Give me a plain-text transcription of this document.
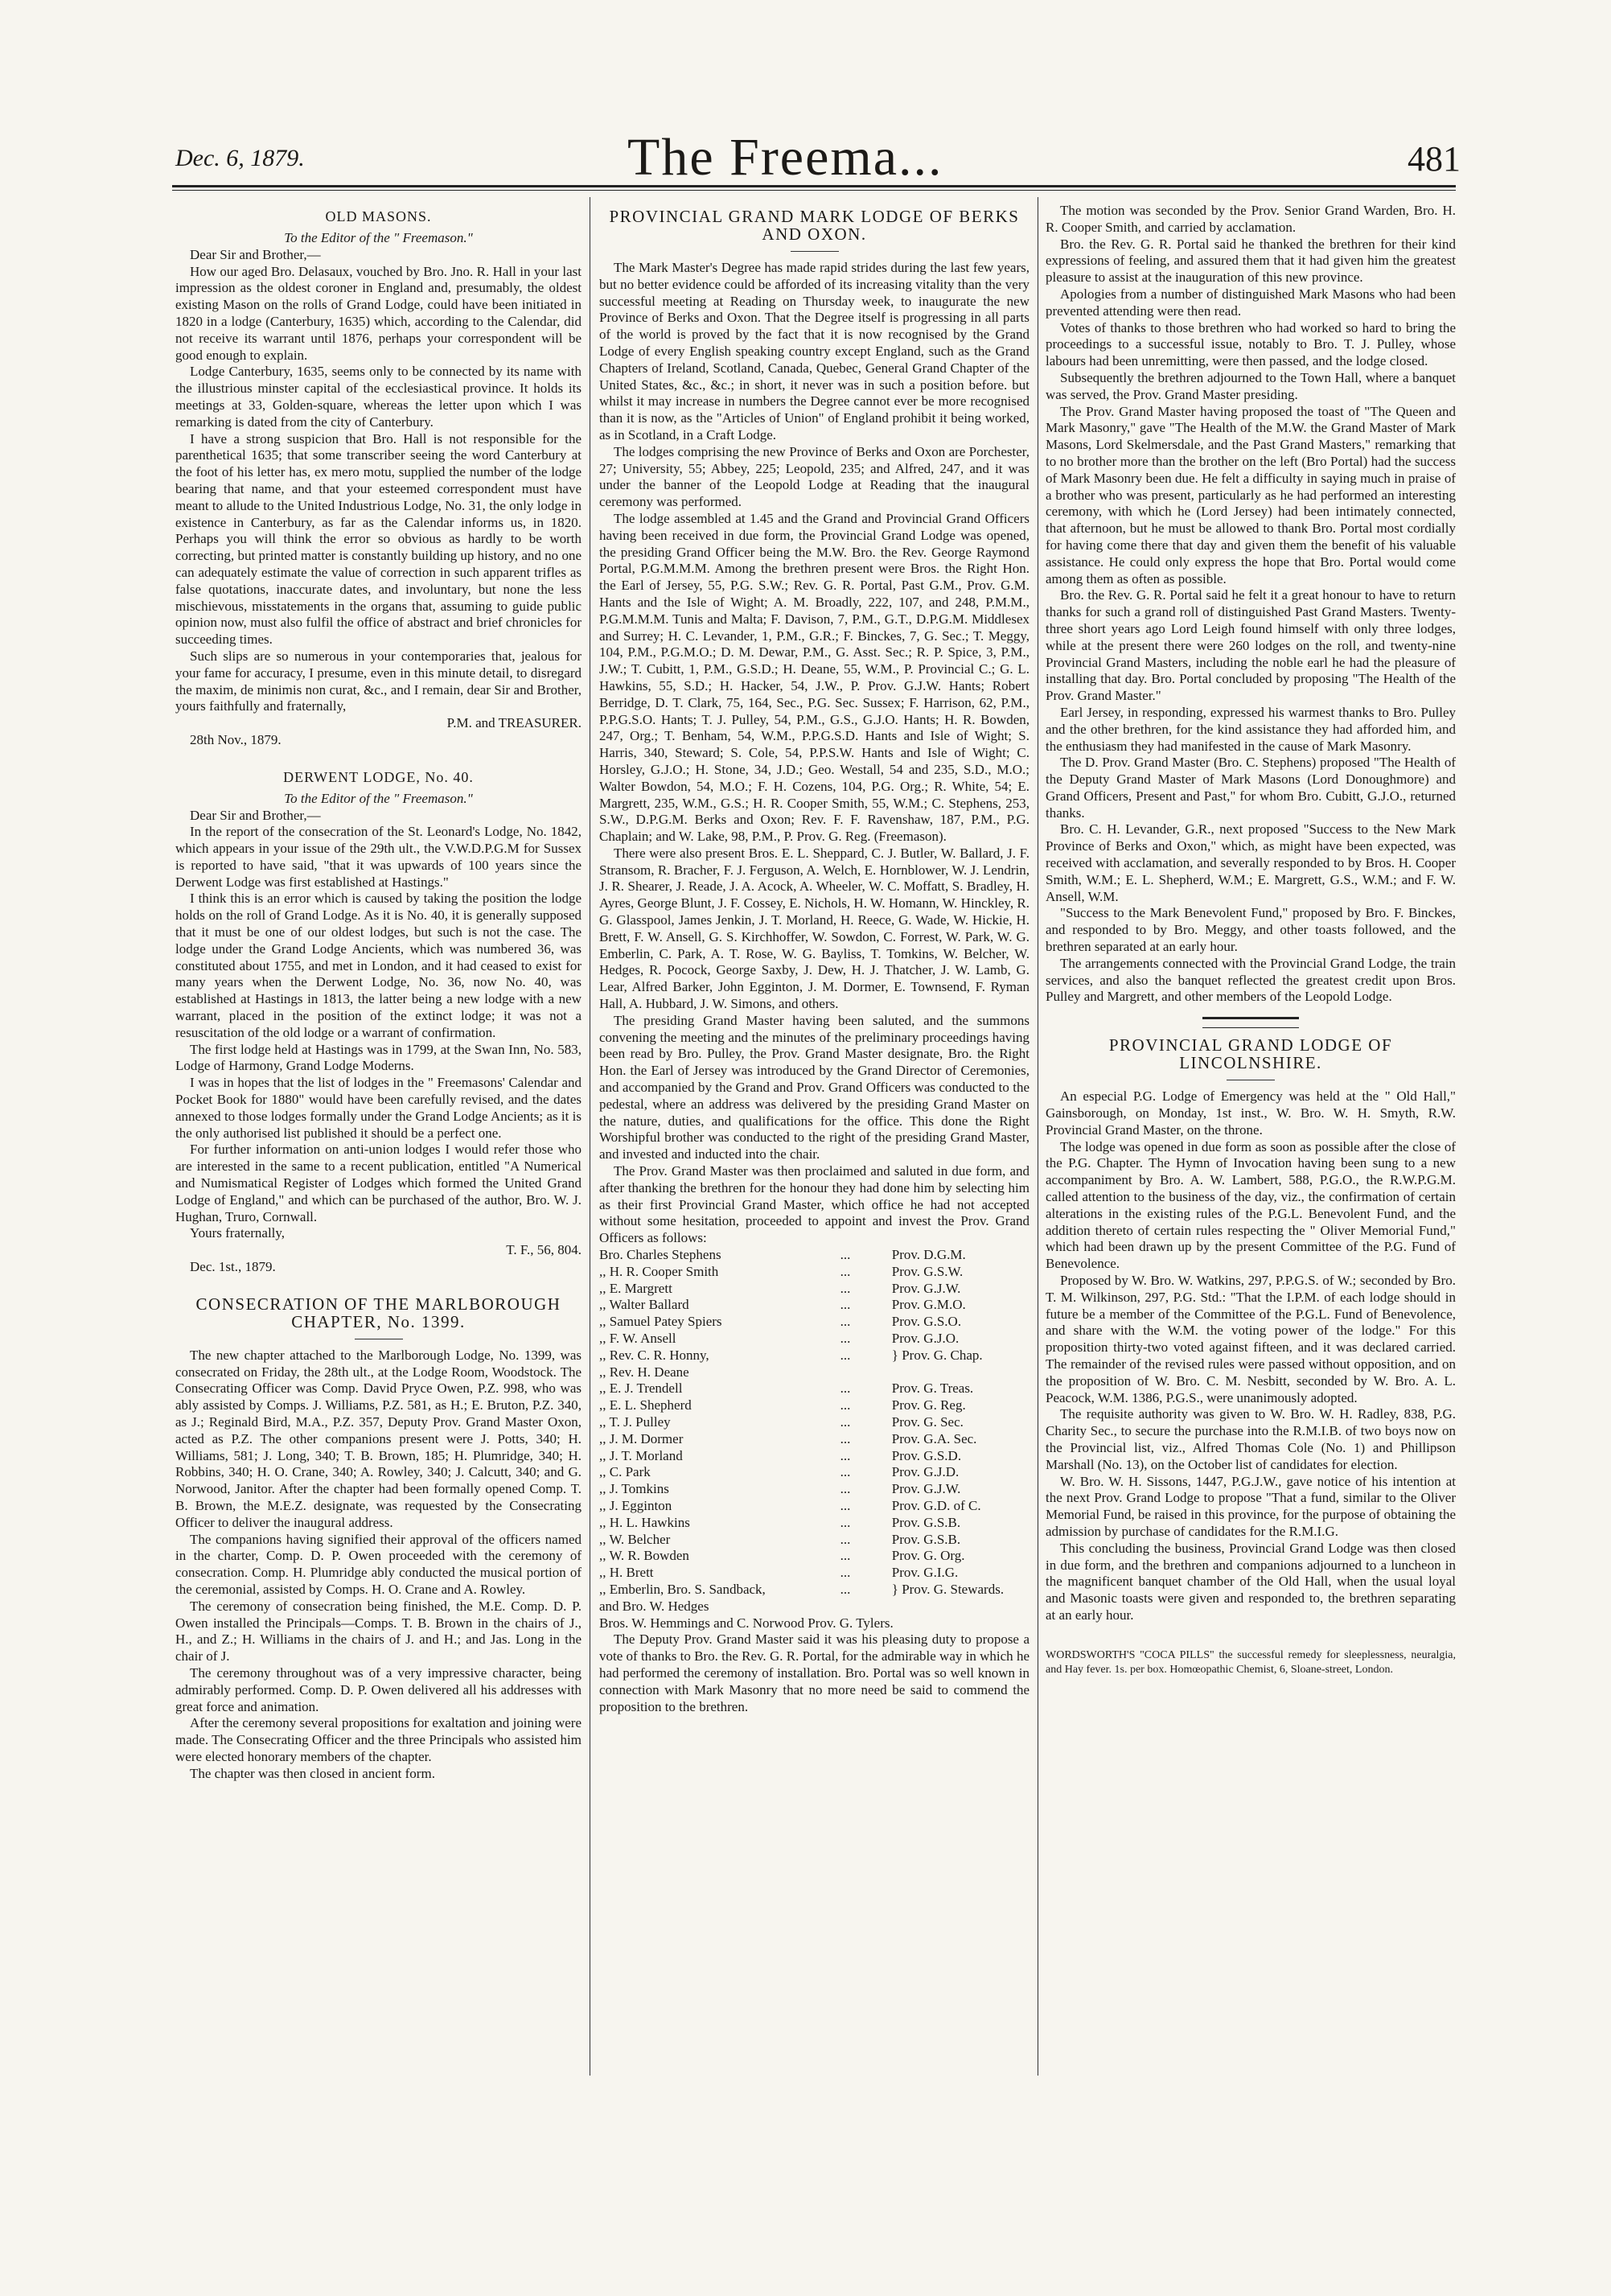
Dec. 6, 1879.	The Freema...	481
OLD MASONS.

To the Editor of the " Freemason."

Dear Sir and Brother,—

How our aged Bro. Delasaux, vouched by Bro. Jno. R. Hall in your last impression as the oldest coroner in England and, presumably, the oldest existing Mason on the rolls of Grand Lodge, could have been initiated in 1820 in a lodge (Canterbury, 1635) which, according to the Calendar, did not receive its warrant until 1876, perhaps your correspondent will be good enough to explain.

Lodge Canterbury, 1635, seems only to be connected by its name with the illustrious minster capital of the ecclesiastical province. It holds its meetings at 33, Golden-square, whereas the letter upon which I was remarking is dated from the city of Canterbury.

I have a strong suspicion that Bro. Hall is not responsible for the parenthetical 1635; that some transcriber seeing the word Canterbury at the foot of his letter has, ex mero motu, supplied the number of the lodge bearing that name, and that your esteemed correspondent must have meant to allude to the United Industrious Lodge, No. 31, the only lodge in existence in Canterbury, as far as the Calendar informs us, in 1820. Perhaps you will think the error so obvious as hardly to be worth correcting, but printed matter is constantly building up history, and no one can adequately estimate the value of correction in such apparent trifles as false quotations, inaccurate dates, and involuntary, but none the less mischievous, misstatements in the organs that, assuming to guide public opinion now, must also fulfil the office of abstract and brief chronicles for succeeding times.

Such slips are so numerous in your contemporaries that, jealous for your fame for accuracy, I presume, even in this minute detail, to disregard the maxim, de minimis non curat, &c., and I remain, dear Sir and Brother, yours faithfully and fraternally,

P.M. and TREASURER.

28th Nov., 1879.

DERWENT LODGE, No. 40.

To the Editor of the " Freemason."

Dear Sir and Brother,—

In the report of the consecration of the St. Leonard's Lodge, No. 1842, which appears in your issue of the 29th ult., the V.W.D.P.G.M for Sussex is reported to have said, "that it was upwards of 100 years since the Derwent Lodge was first established at Hastings."

I think this is an error which is caused by taking the position the lodge holds on the roll of Grand Lodge. As it is No. 40, it is generally supposed that it must be one of our oldest lodges, but such is not the case. The lodge under the Grand Lodge Ancients, which was numbered 36, was constituted about 1755, and met in London, and it had ceased to exist for many years when the Derwent Lodge, No. 36, now No. 40, was established at Hastings in 1813, the latter being a new lodge with a new warrant, placed in the position of the extinct lodge; it was not a resuscitation of the old lodge or a warrant of confirmation.

The first lodge held at Hastings was in 1799, at the Swan Inn, No. 583, Lodge of Harmony, Grand Lodge Moderns.

I was in hopes that the list of lodges in the " Freemasons' Calendar and Pocket Book for 1880" would have been carefully revised, and the dates annexed to those lodges formally under the Grand Lodge Ancients; as it is the only authorised list published it should be a perfect one.

For further information on anti-union lodges I would refer those who are interested in the same to a recent publication, entitled "A Numerical and Numismatical Register of Lodges which formed the United Grand Lodge of England," and which can be purchased of the author, Bro. W. J. Hughan, Truro, Cornwall.

Yours fraternally,

T. F., 56, 804.

Dec. 1st., 1879.

CONSECRATION OF THE MARLBOROUGH CHAPTER, No. 1399.

The new chapter attached to the Marlborough Lodge, No. 1399, was consecrated on Friday, the 28th ult., at the Lodge Room, Woodstock. The Consecrating Officer was Comp. David Pryce Owen, P.Z. 998, who was ably assisted by Comps. J. Williams, P.Z. 581, as H.; E. Bruton, P.Z. 340, as J.; Reginald Bird, M.A., P.Z. 357, Deputy Prov. Grand Master Oxon, acted as P.Z. The other companions present were J. Potts, 340; H. Williams, 581; J. Long, 340; T. B. Brown, 185; H. Plumridge, 340; H. Robbins, 340; H. O. Crane, 340; A. Rowley, 340; J. Calcutt, 340; and G. Norwood, Janitor. After the chapter had been formally opened Comp. T. B. Brown, the M.E.Z. designate, was requested by the Consecrating Officer to deliver the inaugural address.

The companions having signified their approval of the officers named in the charter, Comp. D. P. Owen proceeded with the ceremony of consecration. Comp. H. Plumridge ably conducted the musical portion of the ceremonial, assisted by Comps. H. O. Crane and A. Rowley.

The ceremony of consecration being finished, the M.E. Comp. D. P. Owen installed the Principals—Comps. T. B. Brown in the chairs of J., H., and Z.; H. Williams in the chairs of J. and H.; and Jas. Long in the chair of J.

The ceremony throughout was of a very impressive character, being admirably performed. Comp. D. P. Owen delivered all his addresses with great force and animation.

After the ceremony several propositions for exaltation and joining were made. The Consecrating Officer and the three Principals who assisted him were elected honorary members of the chapter.

The chapter was then closed in ancient form.

PROVINCIAL GRAND MARK LODGE OF BERKS AND OXON.

The Mark Master's Degree has made rapid strides during the last few years, but no better evidence could be afforded of its increasing vitality than the very successful meeting at Reading on Thursday week, to inaugurate the new Province of Berks and Oxon. That the Degree itself is progressing in all parts of the world is proved by the fact that it is now recognised by the Grand Lodge of every English speaking country except England, such as the Grand Chapters of Ireland, Scotland, Canada, Quebec, General Grand Chapter of the United States, &c., &c.; in short, it never was in such a position before. but whilst it may increase in numbers the Degree cannot ever be more recognised than it is now, as the "Articles of Union" of England prohibit it being worked, as in Scotland, in a Craft Lodge.

The lodges comprising the new Province of Berks and Oxon are Porchester, 27; University, 55; Abbey, 225; Leopold, 235; and Alfred, 247, and it was under the banner of the Leopold Lodge at Reading that the inaugural ceremony was performed.

The lodge assembled at 1.45 and the Grand and Provincial Grand Officers having been received in due form, the Provincial Grand Lodge was opened, the presiding Grand Officer being the M.W. Bro. the Rev. George Raymond Portal, P.G.M.M.M. Among the brethren present were Bros. the Right Hon. the Earl of Jersey, 55, P.G. S.W.; Rev. G. R. Portal, Past G.M., Prov. G.M. Hants and the Isle of Wight; A. M. Broadly, 222, 107, and 248, P.M.M., P.G.M.M.M. Tunis and Malta; F. Davison, 7, P.M., G.T., D.P.G.M. Middlesex and Surrey; H. C. Levander, 1, P.M., G.R.; F. Binckes, 7, G. Sec.; T. Meggy, 104, P.M., P.G.M.O.; D. M. Dewar, P.M., G. Asst. Sec.; R. P. Spice, 3, P.M., J.W.; T. Cubitt, 1, P.M., G.S.D.; H. Deane, 55, W.M., P. Provincial C.; G. L. Hawkins, 55, S.D.; H. Hacker, 54, J.W., P. Prov. G.J.W. Hants; Robert Berridge, D. T. Clark, 75, 164, Sec., P.G. Sec. Sussex; F. Harrison, 62, P.M., P.P.G.S.O. Hants; T. J. Pulley, 54, P.M., G.S., G.J.O. Hants; H. R. Bowden, 247, Org.; T. Benham, 54, W.M., P.P.G.S.D. Hants and Isle of Wight; S. Harris, 340, Steward; S. Cole, 54, P.P.S.W. Hants and Isle of Wight; C. Horsley, G.J.O.; H. Stone, 34, J.D.; Geo. Westall, 54 and 235, S.D., M.O.; Walter Bowdon, 54, M.O.; F. H. Cozens, 104, P.G. Org.; R. White, 54; E. Margrett, 235, W.M., G.S.; H. R. Cooper Smith, 55, W.M.; C. Stephens, 253, S.W., D.P.G.M. Berks and Oxon; Rev. F. F. Ravenshaw, 187, P.M., P.G. Chaplain; and W. Lake, 98, P.M., P. Prov. G. Reg. (Freemason).

There were also present Bros. E. L. Sheppard, C. J. Butler, W. Ballard, J. F. Stransom, R. Bracher, F. J. Ferguson, A. Welch, E. Hornblower, W. J. Lendrin, J. R. Shearer, J. Reade, J. A. Acock, A. Wheeler, W. C. Moffatt, S. Bradley, H. Ayres, George Blunt, J. F. Cossey, E. Nichols, H. W. Homann, W. Hinckley, R. G. Glasspool, James Jenkin, J. T. Morland, H. Reece, G. Wade, W. Hickie, H. Brett, F. W. Ansell, G. S. Kirchhoffer, W. Sowdon, C. Forrest, W. Park, W. G. Emberlin, C. Park, A. T. Rose, W. G. Bayliss, T. Tomkins, W. Belcher, W. Hedges, R. Pocock, George Saxby, J. Dew, H. J. Thatcher, J. W. Lamb, G. Lear, Alfred Barker, John Egginton, J. M. Dormer, E. Townsend, F. Ryman Hall, A. Hubbard, J. W. Simons, and others.

The presiding Grand Master having been saluted, and the summons convening the meeting and the minutes of the preliminary proceedings having been read by Bro. Pulley, the Prov. Grand Master designate, Bro. the Right Hon. the Earl of Jersey was introduced by the Grand Director of Ceremonies, and accompanied by the Grand and Prov. Grand Officers was conducted to the pedestal, where an address was delivered by the presiding Grand Master on the nature, duties, and qualifications for the office. This done the Right Worshipful brother was conducted to the right of the presiding Grand Master, and invested and inducted into the chair.

The Prov. Grand Master was then proclaimed and saluted in due form, and after thanking the brethren for the honour they had done him by selecting him as their first Provincial Grand Master, which office he had not accepted without some hesitation, proceeded to appoint and invest the Prov. Grand Officers as follows:

Bro. Charles Stephens	...	Prov. D.G.M.
,, H. R. Cooper Smith	...	Prov. G.S.W.
,, E. Margrett	...	Prov. G.J.W.
,, Walter Ballard	...	Prov. G.M.O.
,, Samuel Patey Spiers	...	Prov. G.S.O.
,, F. W. Ansell	...	Prov. G.J.O.
,, Rev. C. R. Honny,	...	} Prov. G. Chap.
,, Rev. H. Deane		
,, E. J. Trendell	...	Prov. G. Treas.
,, E. L. Shepherd	...	Prov. G. Reg.
,, T. J. Pulley	...	Prov. G. Sec.
,, J. M. Dormer	...	Prov. G.A. Sec.
,, J. T. Morland	...	Prov. G.S.D.
,, C. Park	...	Prov. G.J.D.
,, J. Tomkins	...	Prov. G.J.W.
,, J. Egginton	...	Prov. G.D. of C.
,, H. L. Hawkins	...	Prov. G.S.B.
,, W. Belcher	...	Prov. G.S.B.
,, W. R. Bowden	...	Prov. G. Org.
,, H. Brett	...	Prov. G.I.G.
,, Emberlin, Bro. S. Sandback,	...	} Prov. G. Stewards.
and Bro. W. Hedges		

Bros. W. Hemmings and C. Norwood Prov. G. Tylers.

The Deputy Prov. Grand Master said it was his pleasing duty to propose a vote of thanks to Bro. the Rev. G. R. Portal, for the admirable way in which he had performed the ceremony of installation. Bro. Portal was so well known in connection with Mark Masonry that no more need be said to commend the proposition to the brethren.

The motion was seconded by the Prov. Senior Grand Warden, Bro. H. R. Cooper Smith, and carried by acclamation.

Bro. the Rev. G. R. Portal said he thanked the brethren for their kind expressions of feeling, and assured them that it had given him the greatest pleasure to assist at the inauguration of this new province.

Apologies from a number of distinguished Mark Masons who had been prevented attending were then read.

Votes of thanks to those brethren who had worked so hard to bring the proceedings to a successful issue, notably to Bro. T. J. Pulley, whose labours had been unremitting, were then passed, and the lodge closed.

Subsequently the brethren adjourned to the Town Hall, where a banquet was served, the Prov. Grand Master presiding.

The Prov. Grand Master having proposed the toast of "The Queen and Mark Masonry," gave "The Health of the M.W. the Grand Master of Mark Masons, Lord Skelmersdale, and the Past Grand Masters," remarking that to no brother more than the brother on the left (Bro Portal) had the success of Mark Masonry been due. He felt a difficulty in saying much in praise of a brother who was present, particularly as he had performed an interesting ceremony, with which he (Lord Jersey) had been intimately connected, that afternoon, but he must be allowed to thank Bro. Portal most cordially for having come there that day and given them the benefit of his valuable assistance. He could only express the hope that Bro. Portal would come among them as often as possible.

Bro. the Rev. G. R. Portal said he felt it a great honour to have to return thanks for such a grand roll of distinguished Past Grand Masters. Twenty-three short years ago Lord Leigh found himself with only three lodges, while at the present there were 260 lodges on the roll, and twenty-nine Provincial Grand Masters, including the noble earl he had the pleasure of installing that day. Bro. Portal concluded by proposing "The Health of the Prov. Grand Master."

Earl Jersey, in responding, expressed his warmest thanks to Bro. Pulley and the other brethren, for the kind assistance they had afforded him, and the enthusiasm they had manifested in the cause of Mark Masonry.

The D. Prov. Grand Master (Bro. C. Stephens) proposed "The Health of the Deputy Grand Master of Mark Masons (Lord Donoughmore) and Grand Officers, Present and Past," for whom Bro. Cubitt, G.J.O., returned thanks.

Bro. C. H. Levander, G.R., next proposed "Success to the New Mark Province of Berks and Oxon," which, as might have been expected, was received with acclamation, and severally responded to by Bros. H. Cooper Smith, W.M.; E. L. Shepherd, W.M.; E. Margrett, G.S., W.M.; and F. W. Ansell, W.M.

"Success to the Mark Benevolent Fund," proposed by Bro. F. Binckes, and responded to by Bro. Meggy, and other toasts followed, and the brethren separated at an early hour.

The arrangements connected with the Provincial Grand Lodge, the train services, and also the banquet reflected the greatest credit upon Bros. Pulley and Margrett, and other members of the Leopold Lodge.

PROVINCIAL GRAND LODGE OF LINCOLNSHIRE.

An especial P.G. Lodge of Emergency was held at the " Old Hall," Gainsborough, on Monday, 1st inst., W. Bro. W. H. Smyth, R.W. Provincial Grand Master, on the throne.

The lodge was opened in due form as soon as possible after the close of the P.G. Chapter. The Hymn of Invocation having been sung to a new accompaniment by Bro. A. W. Lambert, 588, P.G.O., the R.W.P.G.M. called attention to the business of the day, viz., the confirmation of certain alterations in the existing rules of the P.G.L. Benevolent Fund, and the addition thereto of certain rules respecting the " Oliver Memorial Fund," which had been drawn up by the present Committee of the P.G. Fund of Benevolence.

Proposed by W. Bro. W. Watkins, 297, P.P.G.S. of W.; seconded by Bro. T. M. Wilkinson, 297, P.G. Std.: "That the I.P.M. of each lodge should in future be a member of the Committee of the P.G.L. Fund of Benevolence, and share with the W.M. the voting power of the lodge." For this proposition thirty-two voted against fifteen, and it was declared carried. The remainder of the revised rules were passed without opposition, and on the proposition of W. Bro. C. M. Nesbitt, seconded by W. Bro. A. L. Peacock, W.M. 1386, P.G.S., were unanimously adopted.

The requisite authority was given to W. Bro. W. H. Radley, 838, P.G. Charity Sec., to secure the purchase into the R.M.I.B. of two boys now on the Provincial list, viz., Alfred Thomas Cole (No. 1) and Phillipson Marshall (No. 13), on the October list of candidates for election.

W. Bro. W. H. Sissons, 1447, P.G.J.W., gave notice of his intention at the next Prov. Grand Lodge to propose "That a fund, similar to the Oliver Memorial Fund, be raised in this province, for the purpose of obtaining the admission by purchase of candidates for the R.M.I.G.

This concluding the business, Provincial Grand Lodge was then closed in due form, and the brethren and companions adjourned to a luncheon in the magnificent banquet chamber of the Old Hall, when the usual loyal and Masonic toasts were given and responded to, the brethren separating at an early hour.

WORDSWORTH'S "COCA PILLS" the successful remedy for sleeplessness, neuralgia, and Hay fever. 1s. per box. Homœopathic Chemist, 6, Sloane-street, London.
